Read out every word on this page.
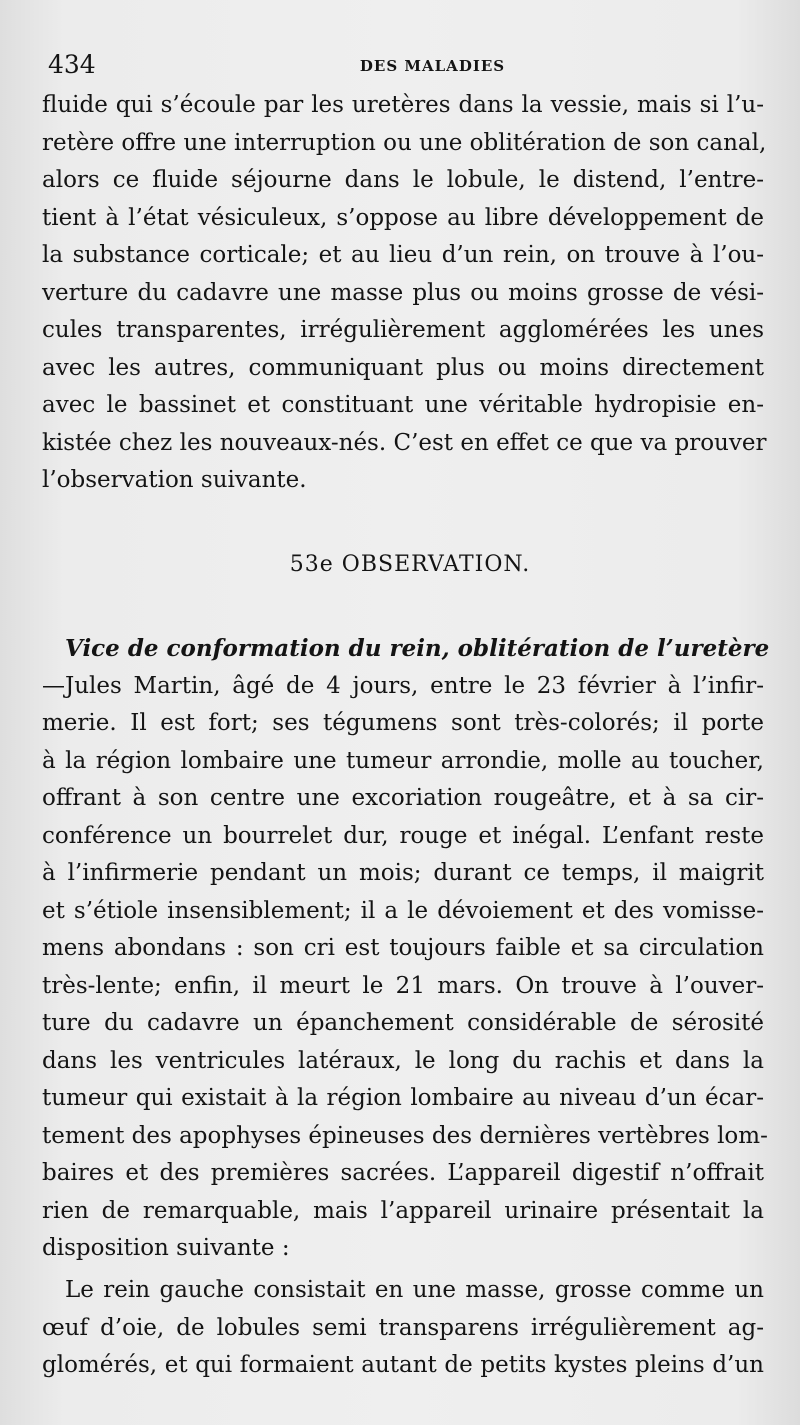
434	DES MALADIES
fluide qui s’écoule par les uretères dans la vessie, mais si l’u-
retère offre une interruption ou une oblitération de son canal,
alors ce fluide séjourne dans le lobule, le distend, l’entre-
tient à l’état vésiculeux, s’oppose au libre développement de
la substance corticale; et au lieu d’un rein, on trouve à l’ou-
verture du cadavre une masse plus ou moins grosse de vési-
cules transparentes, irrégulièrement agglomérées les unes
avec les autres, communiquant plus ou moins directement
avec le bassinet et constituant une véritable hydropisie en-
kistée chez les nouveaux-nés. C’est en effet ce que va prouver
l’observation suivante.
53e OBSERVATION.
Vice de conformation du rein, oblitération de l’uretère
—Jules Martin, âgé de 4 jours, entre le 23 février à l’infir-
merie. Il est fort; ses tégumens sont très-colorés; il porte
à la région lombaire une tumeur arrondie, molle au toucher,
offrant à son centre une excoriation rougeâtre, et à sa cir-
conférence un bourrelet dur, rouge et inégal. L’enfant reste
à l’infirmerie pendant un mois; durant ce temps, il maigrit
et s’étiole insensiblement; il a le dévoiement et des vomisse-
mens abondans : son cri est toujours faible et sa circulation
très-lente; enfin, il meurt le 21 mars. On trouve à l’ouver-
ture du cadavre un épanchement considérable de sérosité
dans les ventricules latéraux, le long du rachis et dans la
tumeur qui existait à la région lombaire au niveau d’un écar-
tement des apophyses épineuses des dernières vertèbres lom-
baires et des premières sacrées. L’appareil digestif n’offrait
rien de remarquable, mais l’appareil urinaire présentait la
disposition suivante :
Le rein gauche consistait en une masse, grosse comme un
œuf d’oie, de lobules semi transparens irrégulièrement ag-
glomérés, et qui formaient autant de petits kystes pleins d’un
